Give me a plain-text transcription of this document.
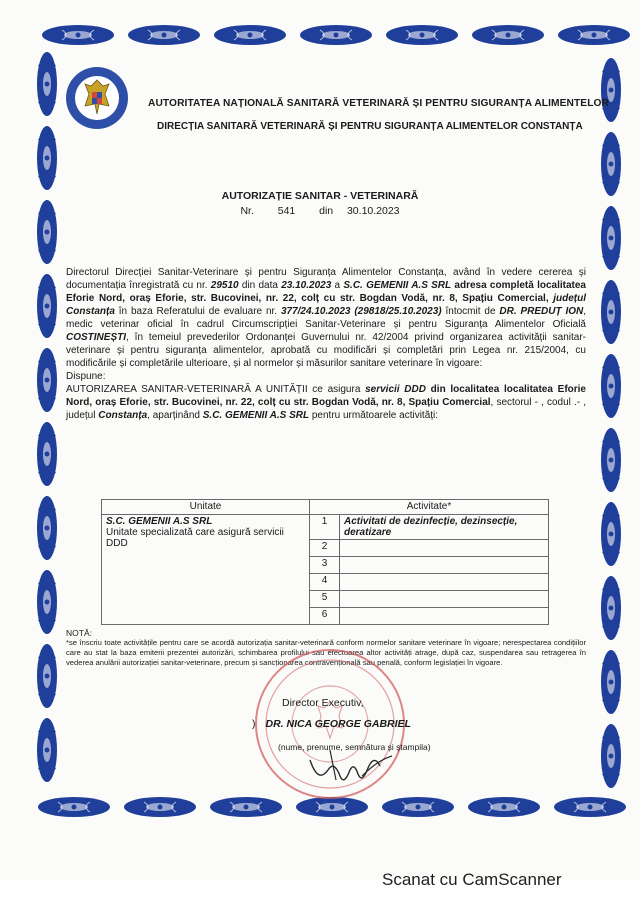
AUTORITATEA NAȚIONALĂ SANITARĂ VETERINARĂ ȘI PENTRU SIGURANȚA ALIMENTELOR
DIRECȚIA SANITARĂ VETERINARĂ ȘI PENTRU SIGURANȚA ALIMENTELOR CONSTANȚA
AUTORIZAȚIE SANITAR - VETERINARĂ
Nr. 541 din 30.10.2023

Directorul Direcției Sanitar-Veterinare și pentru Siguranța Alimentelor Constanța, având în vedere cererea și documentația înregistrată cu nr. 29510 din data 23.10.2023 a S.C. GEMENII A.S SRL adresa completă localitatea Eforie Nord, oraș Eforie, str. Bucovinei, nr. 22, colț cu str. Bogdan Vodă, nr. 8, Spațiu Comercial, județul Constanța în baza Referatului de evaluare nr. 377/24.10.2023 (29818/25.10.2023) întocmit de DR. PREDUȚ ION, medic veterinar oficial în cadrul Circumscripției Sanitar-Veterinare și pentru Siguranța Alimentelor Oficială COSTINEȘTI, în temeiul prevederilor Ordonanței Guvernului nr. 42/2004 privind organizarea activității sanitar-veterinare și pentru siguranța alimentelor, aprobată cu modificări și completări prin Legea nr. 215/2004, cu modificările și completările ulterioare, și al normelor și măsurilor sanitare veterinare în vigoare:

Dispune:

AUTORIZAREA SANITAR-VETERINARĂ A UNITĂȚII ce asigura servicii DDD din localitatea localitatea Eforie Nord, oraș Eforie, str. Bucovinei, nr. 22, colț cu str. Bogdan Vodă, nr. 8, Spațiu Comercial, sectorul - , codul .- , județul Constanța, aparținând S.C. GEMENII A.S SRL pentru următoarele activități:

Unitate	Activitate*	

S.C. GEMENII A.S SRL
Unitate specializată care asigură servicii DDD	1	Activitati de dezinfecție, dezinsecție, deratizare
	2	
	3	
	4	
	5	
	6	
NOTĂ:
*se înscriu toate activitățile pentru care se acordă autorizația sanitar-veterinară conform normelor sanitare veterinare în vigoare; nerespectarea condițiilor care au stat la baza emiterii prezentei autorizări, schimbarea profilului sau efectuarea altor activități atrage, după caz, suspendarea sau retragerea în vederea anulării autorizației sanitar-veterinare, precum și sancționarea contravențională sau penală, conform legislației în vigoare.
Director Executiv,
) DR. NICA GEORGE GABRIEL
(nume, prenume, semnătura și ștampila)
Scanat cu CamScanner
